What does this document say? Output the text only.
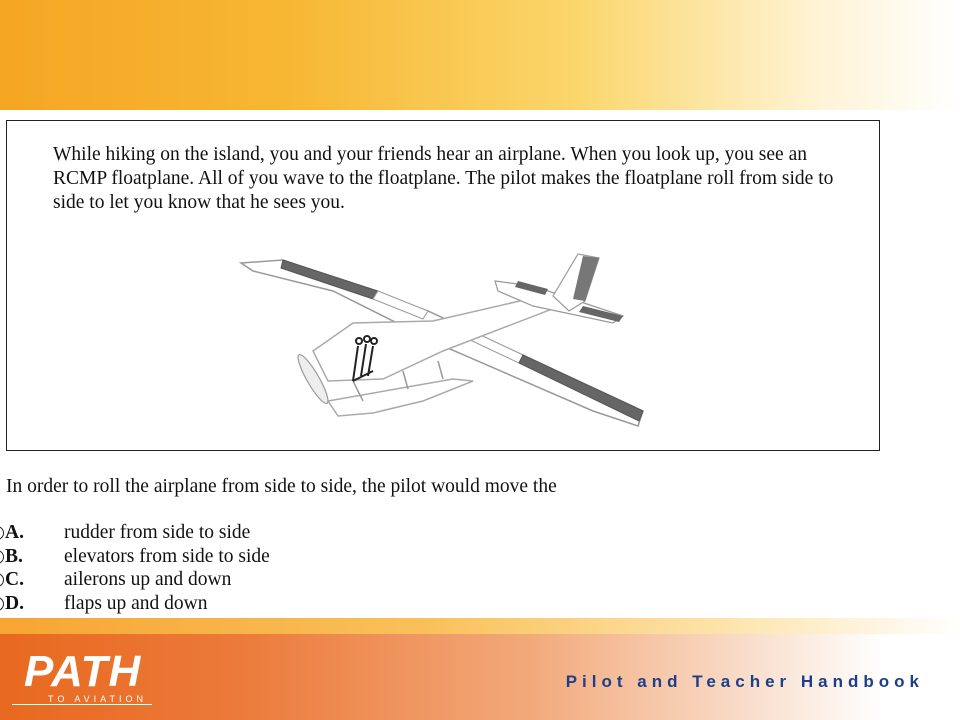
While hiking on the island, you and your friends hear an airplane. When you look up, you see an RCMP floatplane. All of you wave to the floatplane. The pilot makes the floatplane roll from side to side to let you know that he sees you.

In order to roll the airplane from side to side, the pilot would move the

A. rudder from side to side
B. elevators from side to side
C. ailerons up and down
D. flaps up and down
PATH
TO AVIATION
Pilot and Teacher Handbook
